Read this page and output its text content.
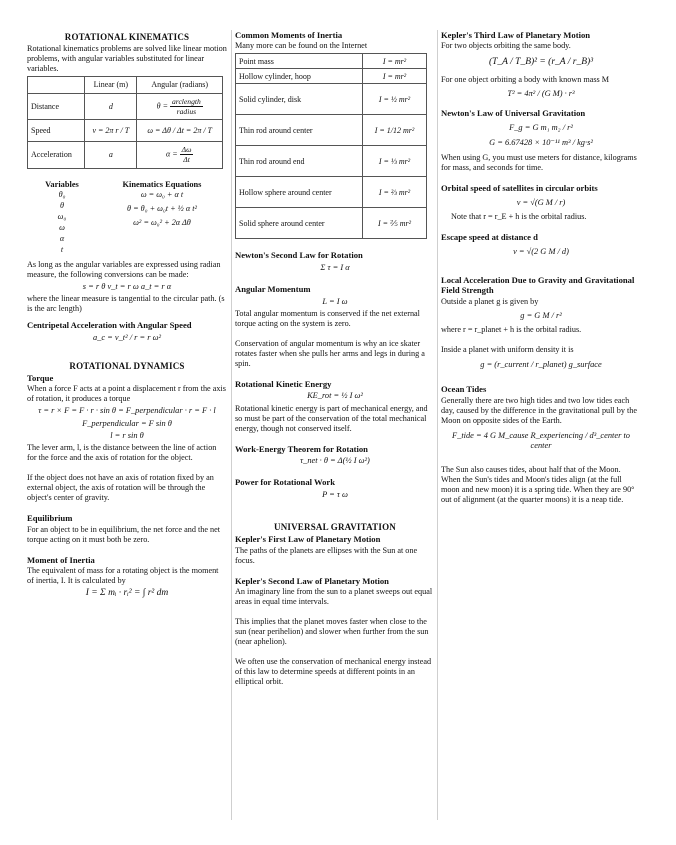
ROTATIONAL KINEMATICS

Rotational kinematics problems are solved like linear motion problems, with angular variables substituted for linear variables.

	Linear (m)	Angular (radians)
Distance	d	$\theta = \frac{\text{arclength}}{\text{radius}}$

Speed	v = 2π r / T	ω = Δθ / Δt = 2π / T
Acceleration	a	$\alpha = \frac{\Delta\omega}{\Delta t}$
Variables
θ₀
θ
ω₀
ω
α
t
Kinematics Equations
ω = ω₀ + α t
θ = θ₀ + ω₀t + ½ α t²
ω² = ω₀² + 2α Δθ

As long as the angular variables are expressed using radian measure, the following conversions can be made:

s = r θ v_t = r ω a_t = r α

where the linear measure is tangential to the circular path. (s is the arc length)

Centripetal Acceleration with Angular Speed
a_c = v_t² / r = r ω²
ROTATIONAL DYNAMICS
Torque

When a force F acts at a point a displacement r from the axis of rotation, it produces a torque

τ = r × F = F · r · sin θ = F_perpendicular · r = F · l
F_perpendicular = F sin θ
l = r sin θ

The lever arm, l, is the distance between the line of action for the force and the axis of rotation for the object.

If the object does not have an axis of rotation fixed by an external object, the axis of rotation will be through the object's center of gravity.

Equilibrium

For an object to be in equilibrium, the net force and the net torque acting on it must both be zero.

Moment of Inertia

The equivalent of mass for a rotating object is the moment of inertia, I. It is calculated by

I = Σ mᵢ · rᵢ² = ∫ r² dm
Common Moments of Inertia

Many more can be found on the Internet

Point mass	I = mr²
Hollow cylinder, hoop	I = mr²
Solid cylinder, disk	I = ½ mr²
Thin rod around center	I = 1/12 mr²
Thin rod around end	I = ⅓ mr²
Hollow sphere around center	I = ⅔ mr²
Solid sphere around center	I = ⅖ mr²
Newton's Second Law for Rotation
Σ τ = I α
Angular Momentum
L = I ω

Total angular momentum is conserved if the net external torque acting on the system is zero.

Conservation of angular momentum is why an ice skater rotates faster when she pulls her arms and legs in during a spin.

Rotational Kinetic Energy
KE_rot = ½ I ω²

Rotational kinetic energy is part of mechanical energy, and so must be part of the conservation of the total mechanical energy, though not conserved itself.

Work-Energy Theorem for Rotation
τ_net · θ = Δ(½ I ω²)
Power for Rotational Work
P = τ ω
UNIVERSAL GRAVITATION
Kepler's First Law of Planetary Motion

The paths of the planets are ellipses with the Sun at one focus.

Kepler's Second Law of Planetary Motion

An imaginary line from the sun to a planet sweeps out equal areas in equal time intervals.

This implies that the planet moves faster when close to the sun (near perihelion) and slower when further from the sun (near aphelion).

We often use the conservation of mechanical energy instead of this law to determine speeds at different points in an elliptical orbit.

Kepler's Third Law of Planetary Motion

For two objects orbiting the same body.

(T_A / T_B)² = (r_A / r_B)³

For one object orbiting a body with known mass M

T² = 4π² / (G M) · r³
Newton's Law of Universal Gravitation
F_g = G m₁ m₂ / r²
G = 6.67428 × 10⁻¹¹ m³ / kg·s²

When using G, you must use meters for distance, kilograms for mass, and seconds for time.

Orbital speed of satellites in circular orbits
v = √(G M / r)

Note that r = r_E + h is the orbital radius.

Escape speed at distance d
v = √(2 G M / d)
Local Acceleration Due to Gravity and Gravitational Field Strength

Outside a planet g is given by

g = G M / r²

where r = r_planet + h is the orbital radius.

Inside a planet with uniform density it is

g = (r_current / r_planet) g_surface
Ocean Tides

Generally there are two high tides and two low tides each day, caused by the difference in the gravitational pull by the Moon on opposite sides of the Earth.

F_tide = 4 G M_cause R_experiencing / d³_center to center

The Sun also causes tides, about half that of the Moon. When the Sun's tides and Moon's tides align (at the full moon and new moon) it is a spring tide. When they are 90° out of alignment (at the quarter moons) it is a neap tide.
